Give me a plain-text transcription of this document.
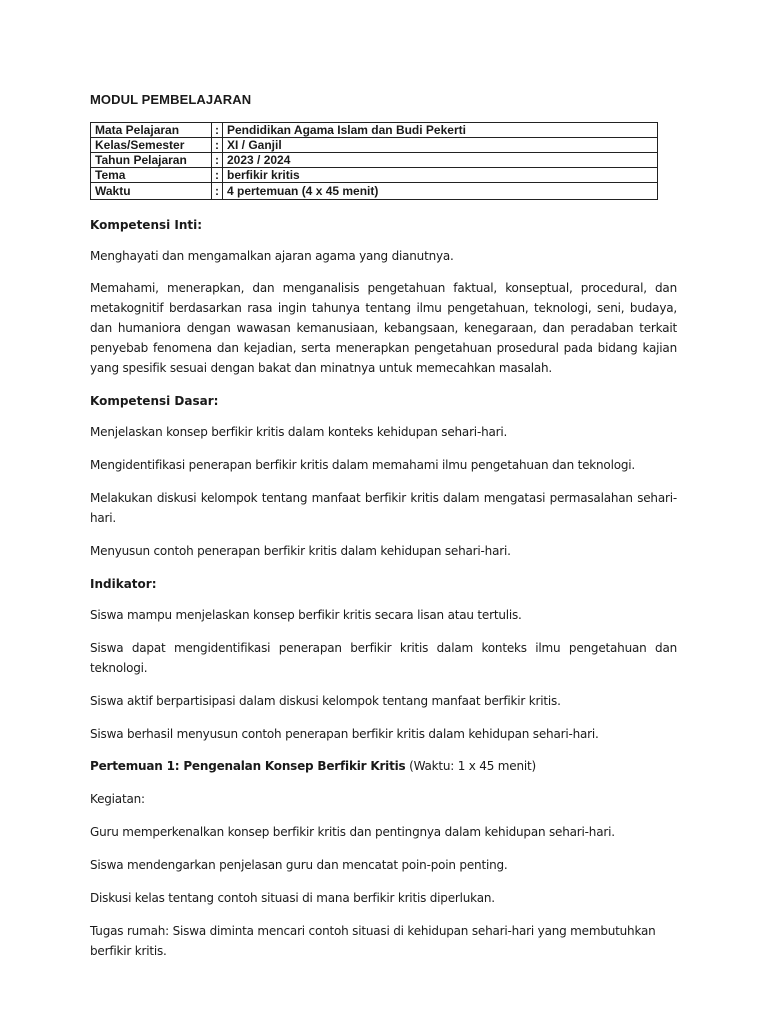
MODUL PEMBELAJARAN
Mata Pelajaran	:	Pendidikan Agama Islam dan Budi Pekerti
Kelas/Semester	:	XI / Ganjil
Tahun Pelajaran	:	2023 / 2024
Tema	:	berfikir kritis
Waktu	:	4 pertemuan (4 x 45 menit)
Kompetensi Inti:

Menghayati dan mengamalkan ajaran agama yang dianutnya.

Memahami, menerapkan, dan menganalisis pengetahuan faktual, konseptual, procedural, dan metakognitif berdasarkan rasa ingin tahunya tentang ilmu pengetahuan, teknologi, seni, budaya, dan humaniora dengan wawasan kemanusiaan, kebangsaan, kenegaraan, dan peradaban terkait penyebab fenomena dan kejadian, serta menerapkan pengetahuan prosedural pada bidang kajian yang spesifik sesuai dengan bakat dan minatnya untuk memecahkan masalah.

Kompetensi Dasar:

Menjelaskan konsep berfikir kritis dalam konteks kehidupan sehari-hari.

Mengidentifikasi penerapan berfikir kritis dalam memahami ilmu pengetahuan dan teknologi.

Melakukan diskusi kelompok tentang manfaat berfikir kritis dalam mengatasi permasalahan sehari-hari.

Menyusun contoh penerapan berfikir kritis dalam kehidupan sehari-hari.

Indikator:

Siswa mampu menjelaskan konsep berfikir kritis secara lisan atau tertulis.

Siswa dapat mengidentifikasi penerapan berfikir kritis dalam konteks ilmu pengetahuan dan teknologi.

Siswa aktif berpartisipasi dalam diskusi kelompok tentang manfaat berfikir kritis.

Siswa berhasil menyusun contoh penerapan berfikir kritis dalam kehidupan sehari-hari.

Pertemuan 1: Pengenalan Konsep Berfikir Kritis (Waktu: 1 x 45 menit)

Kegiatan:

Guru memperkenalkan konsep berfikir kritis dan pentingnya dalam kehidupan sehari-hari.

Siswa mendengarkan penjelasan guru dan mencatat poin-poin penting.

Diskusi kelas tentang contoh situasi di mana berfikir kritis diperlukan.

Tugas rumah: Siswa diminta mencari contoh situasi di kehidupan sehari-hari yang membutuhkan berfikir kritis.
